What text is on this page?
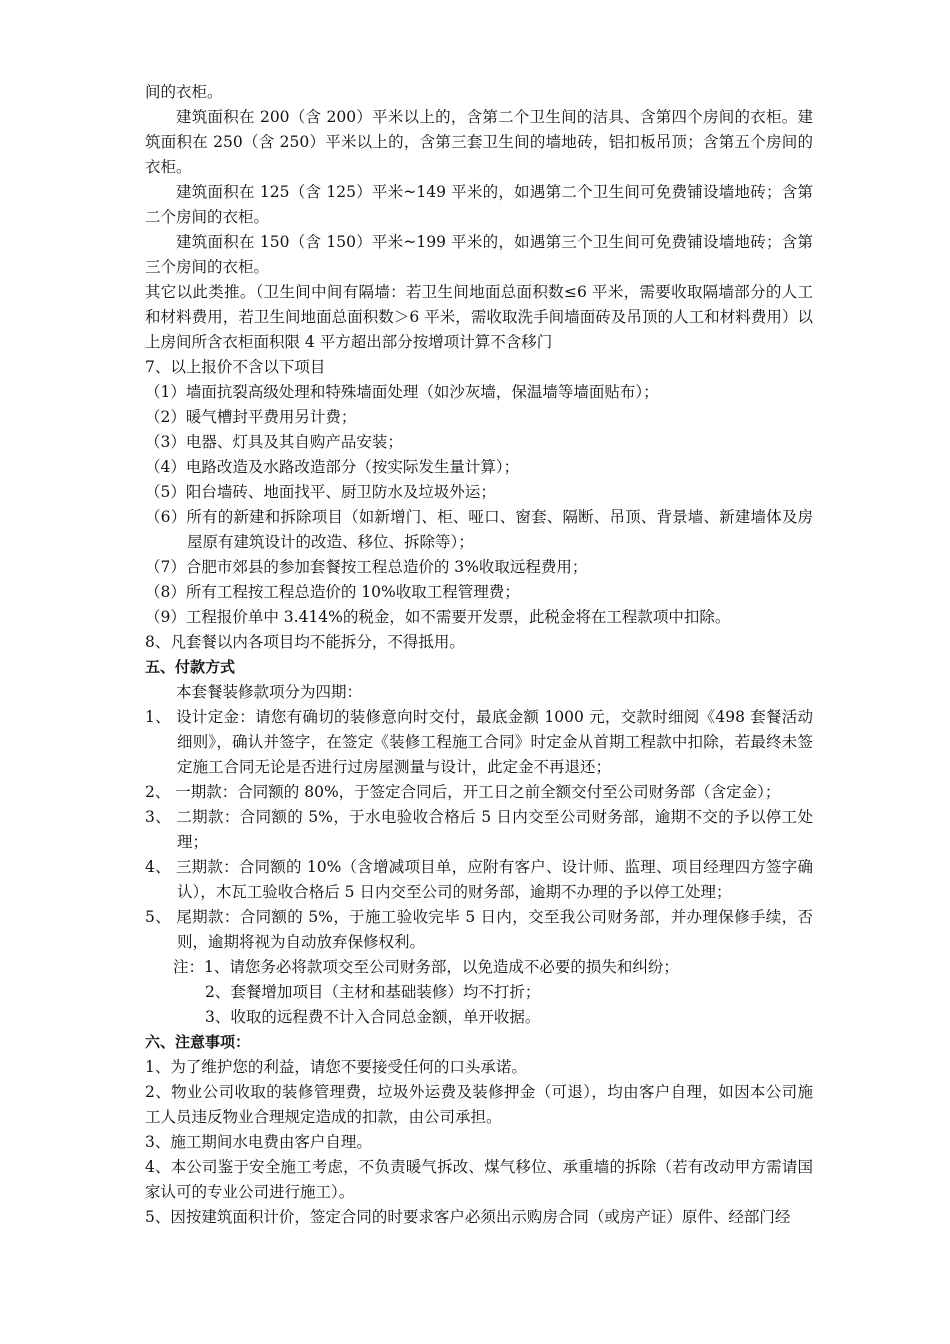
间的衣柜。
建筑面积在 200（含 200）平米以上的，含第二个卫生间的洁具、含第四个房间的衣柜。建筑面积在 250（含 250）平米以上的，含第三套卫生间的墙地砖，铝扣板吊顶；含第五个房间的衣柜。
建筑面积在 125（含 125）平米~149 平米的，如遇第二个卫生间可免费铺设墙地砖；含第二个房间的衣柜。
建筑面积在 150（含 150）平米~199 平米的，如遇第三个卫生间可免费铺设墙地砖；含第三个房间的衣柜。
其它以此类推。（卫生间中间有隔墙：若卫生间地面总面积数≤6 平米，需要收取隔墙部分的人工和材料费用，若卫生间地面总面积数＞6 平米，需收取洗手间墙面砖及吊顶的人工和材料费用）以上房间所含衣柜面积限 4 平方超出部分按增项计算不含移门
7、以上报价不含以下项目
（1）墙面抗裂高级处理和特殊墙面处理（如沙灰墙，保温墙等墙面贴布）；
（2）暖气槽封平费用另计费；
（3）电器、灯具及其自购产品安装；
（4）电路改造及水路改造部分（按实际发生量计算）；
（5）阳台墙砖、地面找平、厨卫防水及垃圾外运；
（6）所有的新建和拆除项目（如新增门、柜、哑口、窗套、隔断、吊顶、背景墙、新建墙体及房屋原有建筑设计的改造、移位、拆除等）；
（7）合肥市郊县的参加套餐按工程总造价的 3%收取远程费用；
（8）所有工程按工程总造价的 10%收取工程管理费；
（9）工程报价单中 3.414%的税金，如不需要开发票，此税金将在工程款项中扣除。
8、凡套餐以内各项目均不能拆分，不得抵用。
五、付款方式
本套餐装修款项分为四期：
1、 设计定金：请您有确切的装修意向时交付，最底金额 1000 元，交款时细阅《498 套餐活动细则》，确认并签字，在签定《装修工程施工合同》时定金从首期工程款中扣除，若最终未签定施工合同无论是否进行过房屋测量与设计，此定金不再退还；
2、 一期款：合同额的 80%，于签定合同后，开工日之前全额交付至公司财务部（含定金）；
3、 二期款：合同额的 5%，于水电验收合格后 5 日内交至公司财务部，逾期不交的予以停工处理；
4、 三期款：合同额的 10%（含增减项目单，应附有客户、设计师、监理、项目经理四方签字确认），木瓦工验收合格后 5 日内交至公司的财务部，逾期不办理的予以停工处理；
5、 尾期款：合同额的 5%，于施工验收完毕 5 日内，交至我公司财务部，并办理保修手续，否则，逾期将视为自动放弃保修权利。
注：1、请您务必将款项交至公司财务部，以免造成不必要的损失和纠纷；
2、套餐增加项目（主材和基础装修）均不打折；
3、收取的远程费不计入合同总金额，单开收据。
六、注意事项：
1、为了维护您的利益，请您不要接受任何的口头承诺。
2、物业公司收取的装修管理费，垃圾外运费及装修押金（可退），均由客户自理，如因本公司施工人员违反物业合理规定造成的扣款，由公司承担。
3、施工期间水电费由客户自理。
4、本公司鉴于安全施工考虑，不负责暖气拆改、煤气移位、承重墙的拆除（若有改动甲方需请国家认可的专业公司进行施工）。
5、因按建筑面积计价，签定合同的时要求客户必须出示购房合同（或房产证）原件、经部门经
